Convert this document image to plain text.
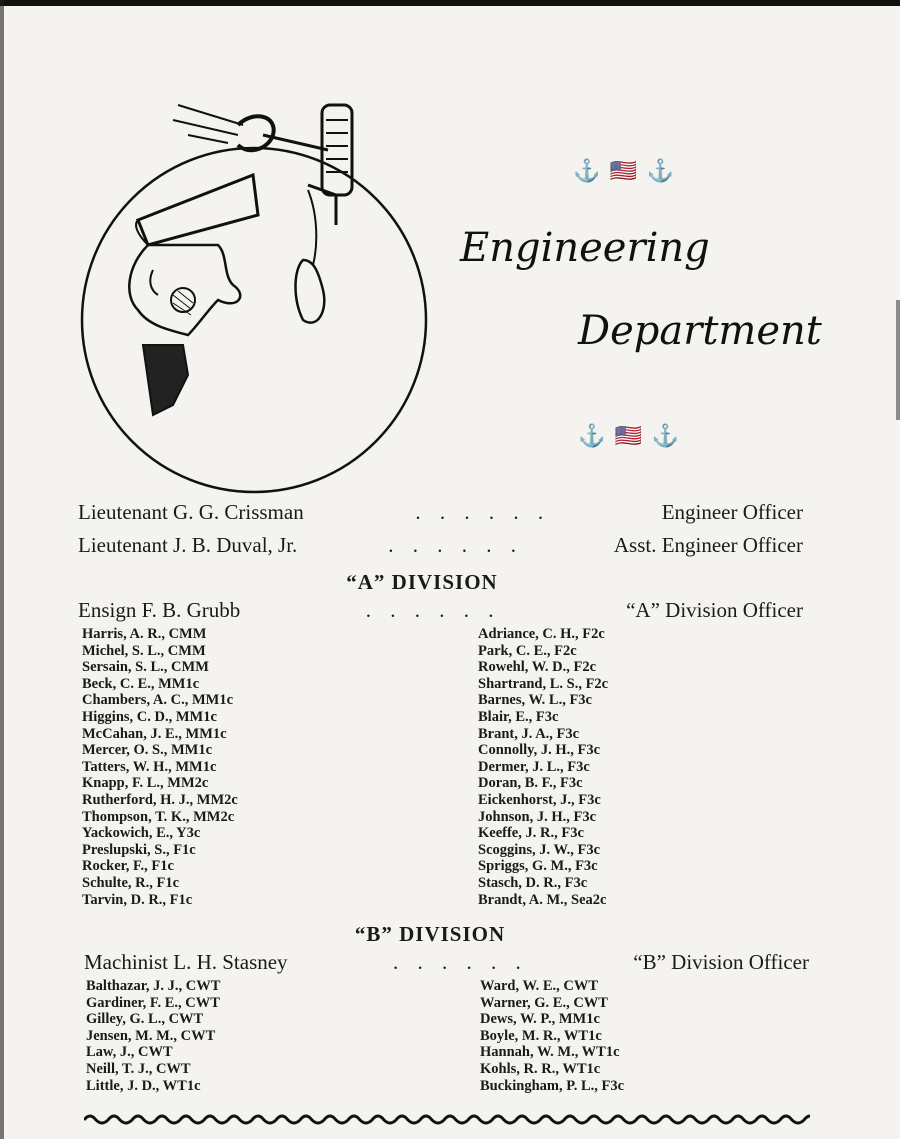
⚓ 🇺🇸 ⚓
Engineering
Department
⚓ 🇺🇸 ⚓
Lieutenant G. G. Crissman	. . . . . .	Engineer Officer
Lieutenant J. B. Duval, Jr.	. . . . . .	Asst. Engineer Officer
“A” DIVISION
Ensign F. B. Grubb	. . . . . .	“A” Division Officer
Harris, A. R., CMM
Michel, S. L., CMM
Sersain, S. L., CMM
Beck, C. E., MM1c
Chambers, A. C., MM1c
Higgins, C. D., MM1c
McCahan, J. E., MM1c
Mercer, O. S., MM1c
Tatters, W. H., MM1c
Knapp, F. L., MM2c
Rutherford, H. J., MM2c
Thompson, T. K., MM2c
Yackowich, E., Y3c
Preslupski, S., F1c
Rocker, F., F1c
Schulte, R., F1c
Tarvin, D. R., F1c
Adriance, C. H., F2c
Park, C. E., F2c
Rowehl, W. D., F2c
Shartrand, L. S., F2c
Barnes, W. L., F3c
Blair, E., F3c
Brant, J. A., F3c
Connolly, J. H., F3c
Dermer, J. L., F3c
Doran, B. F., F3c
Eickenhorst, J., F3c
Johnson, J. H., F3c
Keeffe, J. R., F3c
Scoggins, J. W., F3c
Spriggs, G. M., F3c
Stasch, D. R., F3c
Brandt, A. M., Sea2c
“B” DIVISION
Machinist L. H. Stasney	. . . . . .	“B” Division Officer
Balthazar, J. J., CWT
Gardiner, F. E., CWT
Gilley, G. L., CWT
Jensen, M. M., CWT
Law, J., CWT
Neill, T. J., CWT
Little, J. D., WT1c
Ward, W. E., CWT
Warner, G. E., CWT
Dews, W. P., MM1c
Boyle, M. R., WT1c
Hannah, W. M., WT1c
Kohls, R. R., WT1c
Buckingham, P. L., F3c
